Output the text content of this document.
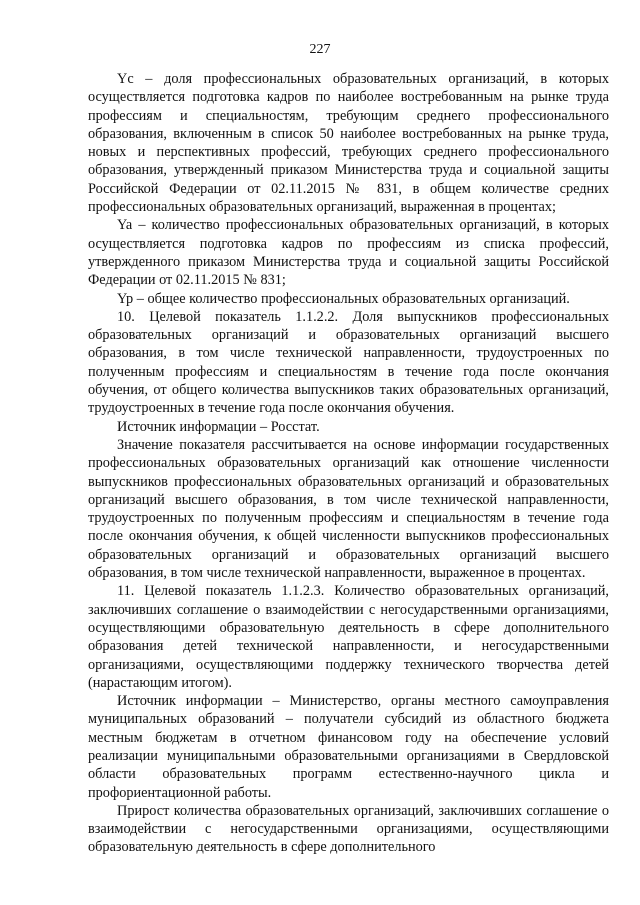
227

Yc – доля профессиональных образовательных организаций, в которых осуществляется подготовка кадров по наиболее востребованным на рынке труда профессиям и специальностям, требующим среднего профессионального образования, включенным в список 50 наиболее востребованных на рынке труда, новых и перспективных профессий, требующих среднего профессионального образования, утвержденный приказом Министерства труда и социальной защиты Российской Федерации от 02.11.2015 № 831, в общем количестве средних профессиональных образовательных организаций, выраженная в процентах;

Ya – количество профессиональных образовательных организаций, в которых осуществляется подготовка кадров по профессиям из списка профессий, утвержденного приказом Министерства труда и социальной защиты Российской Федерации от 02.11.2015 № 831;

Yp – общее количество профессиональных образовательных организаций.

10. Целевой показатель 1.1.2.2. Доля выпускников профессиональных образовательных организаций и образовательных организаций высшего образования, в том числе технической направленности, трудоустроенных по полученным профессиям и специальностям в течение года после окончания обучения, от общего количества выпускников таких образовательных организаций, трудоустроенных в течение года после окончания обучения.

Источник информации – Росстат.

Значение показателя рассчитывается на основе информации государственных профессиональных образовательных организаций как отношение численности выпускников профессиональных образовательных организаций и образовательных организаций высшего образования, в том числе технической направленности, трудоустроенных по полученным профессиям и специальностям в течение года после окончания обучения, к общей численности выпускников профессиональных образовательных организаций и образовательных организаций высшего образования, в том числе технической направленности, выраженное в процентах.

11. Целевой показатель 1.1.2.3. Количество образовательных организаций, заключивших соглашение о взаимодействии с негосударственными организациями, осуществляющими образовательную деятельность в сфере дополнительного образования детей технической направленности, и негосударственными организациями, осуществляющими поддержку технического творчества детей (нарастающим итогом).

Источник информации – Министерство, органы местного самоуправления муниципальных образований – получатели субсидий из областного бюджета местным бюджетам в отчетном финансовом году на обеспечение условий реализации муниципальными образовательными организациями в Свердловской области образовательных программ естественно-научного цикла и профориентационной работы.

Прирост количества образовательных организаций, заключивших соглашение о взаимодействии с негосударственными организациями, осуществляющими образовательную деятельность в сфере дополнительного
